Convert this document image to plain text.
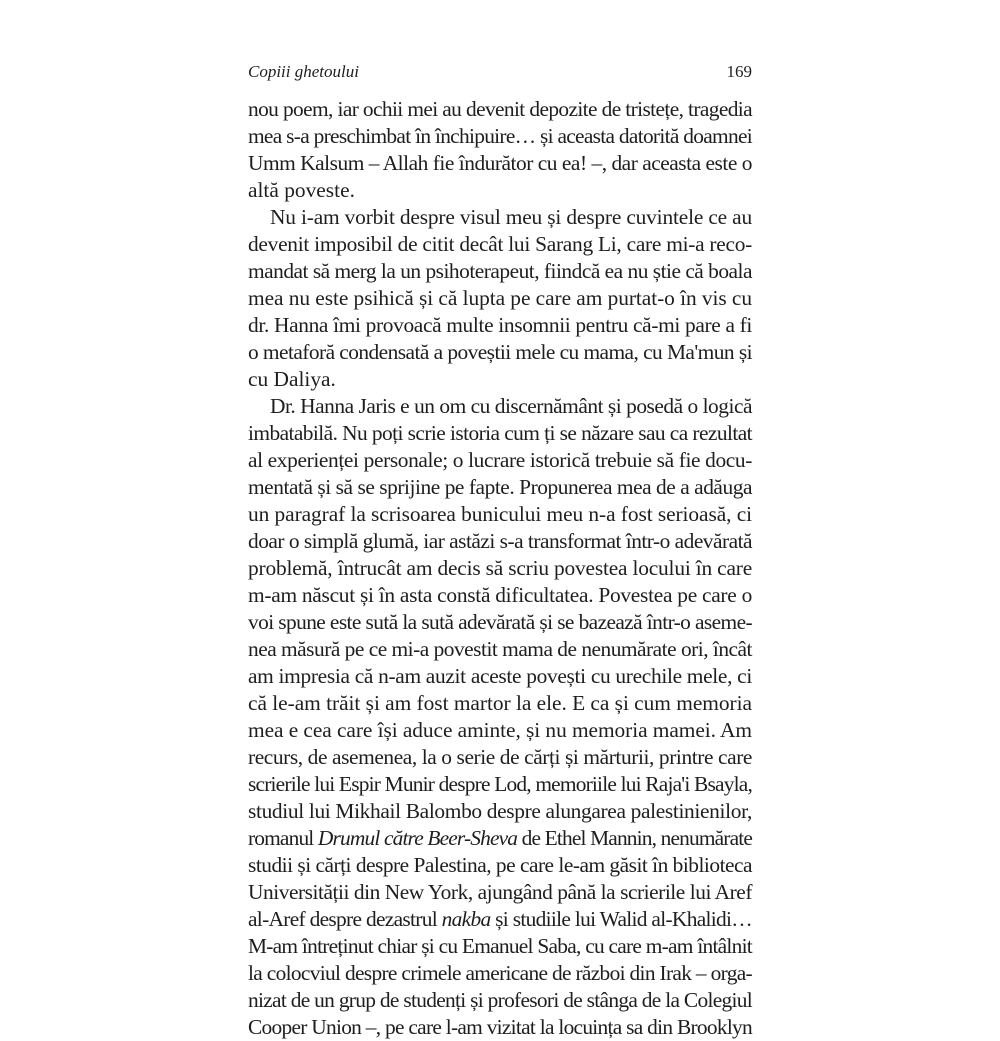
Copiii ghetoului	169
nou poem, iar ochii mei au devenit depozite de tristețe, tragedia
mea s-a preschimbat în închipuire… și aceasta datorită doamnei
Umm Kalsum – Allah fie îndurător cu ea! –, dar aceasta este o
altă poveste.
Nu i-am vorbit despre visul meu și despre cuvintele ce au
devenit imposibil de citit decât lui Sarang Li, care mi-a reco-
mandat să merg la un psihoterapeut, fiindcă ea nu știe că boala
mea nu este psihică și că lupta pe care am purtat-o în vis cu
dr. Hanna îmi provoacă multe insomnii pentru că-mi pare a fi
o metaforă condensată a poveștii mele cu mama, cu Ma'mun și
cu Daliya.
Dr. Hanna Jaris e un om cu discernământ și posedă o logică
imbatabilă. Nu poți scrie istoria cum ți se năzare sau ca rezultat
al experienței personale; o lucrare istorică trebuie să fie docu-
mentată și să se sprijine pe fapte. Propunerea mea de a adăuga
un paragraf la scrisoarea bunicului meu n-a fost serioasă, ci
doar o simplă glumă, iar astăzi s-a transformat într-o adevărată
problemă, întrucât am decis să scriu povestea locului în care
m-am născut și în asta constă dificultatea. Povestea pe care o
voi spune este sută la sută adevărată și se bazează într-o aseme-
nea măsură pe ce mi-a povestit mama de nenumărate ori, încât
am impresia că n-am auzit aceste povești cu urechile mele, ci
că le-am trăit și am fost martor la ele. E ca și cum memoria
mea e cea care își aduce aminte, și nu memoria mamei. Am
recurs, de asemenea, la o serie de cărți și mărturii, printre care
scrierile lui Espir Munir despre Lod, memoriile lui Raja'i Bsayla,
studiul lui Mikhail Balombo despre alungarea palestinienilor,
romanul Drumul către Beer-Sheva de Ethel Mannin, nenumărate
studii și cărți despre Palestina, pe care le-am găsit în biblioteca
Universității din New York, ajungând până la scrierile lui Aref
al-Aref despre dezastrul nakba și studiile lui Walid al-Khalidi…
M-am întreținut chiar și cu Emanuel Saba, cu care m-am întâlnit
la colocviul despre crimele americane de război din Irak – orga-
nizat de un grup de studenți și profesori de stânga de la Colegiul
Cooper Union –, pe care l-am vizitat la locuința sa din Brooklyn
